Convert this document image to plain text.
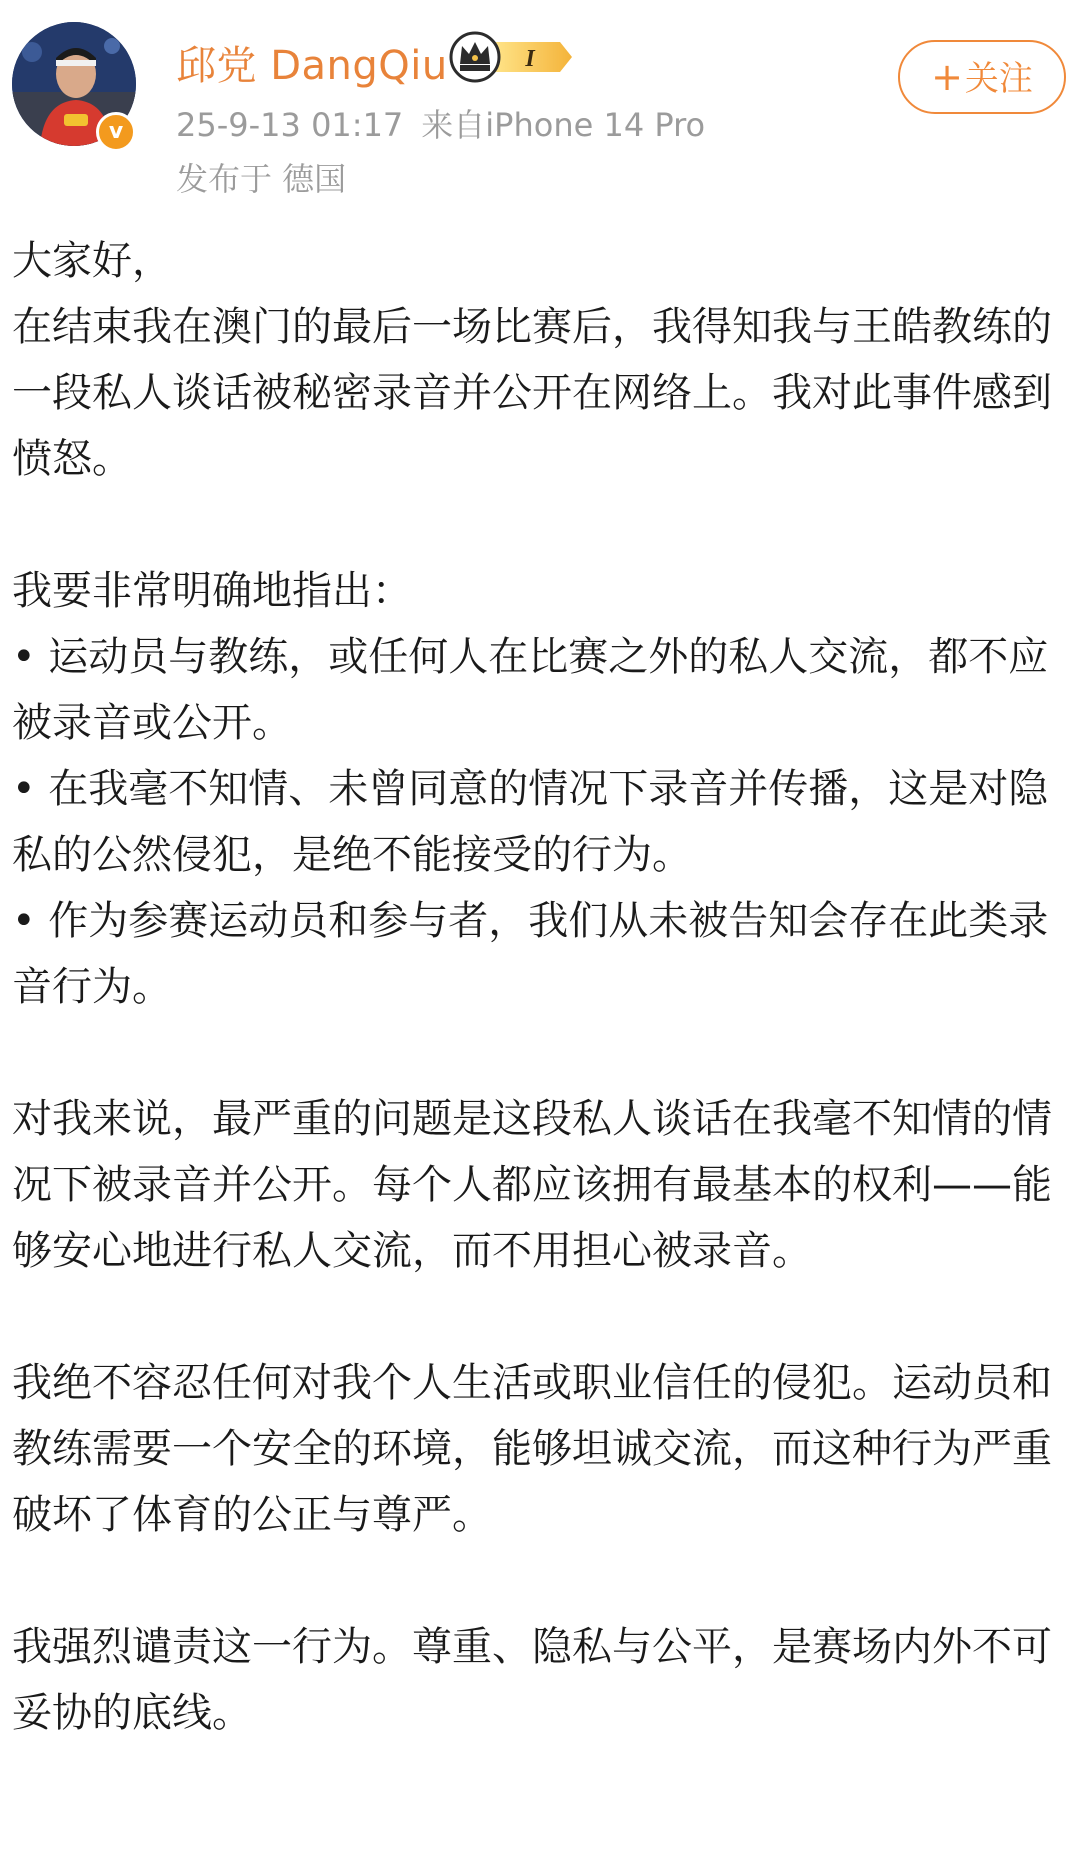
v
邱党 DangQiu	I
25-9-13 01:17 来自iPhone 14 Pro
发布于 德国
+关注

大家好，

在结束我在澳门的最后一场比赛后，我得知我与王皓教练的一段私人谈话被秘密录音并公开在网络上。我对此事件感到愤怒。

我要非常明确地指出：

• 运动员与教练，或任何人在比赛之外的私人交流，都不应被录音或公开。

• 在我毫不知情、未曾同意的情况下录音并传播，这是对隐私的公然侵犯，是绝不能接受的行为。

• 作为参赛运动员和参与者，我们从未被告知会存在此类录音行为。

对我来说，最严重的问题是这段私人谈话在我毫不知情的情况下被录音并公开。每个人都应该拥有最基本的权利——能够安心地进行私人交流，而不用担心被录音。

我绝不容忍任何对我个人生活或职业信任的侵犯。运动员和教练需要一个安全的环境，能够坦诚交流，而这种行为严重破坏了体育的公正与尊严。

我强烈谴责这一行为。尊重、隐私与公平，是赛场内外不可妥协的底线。
